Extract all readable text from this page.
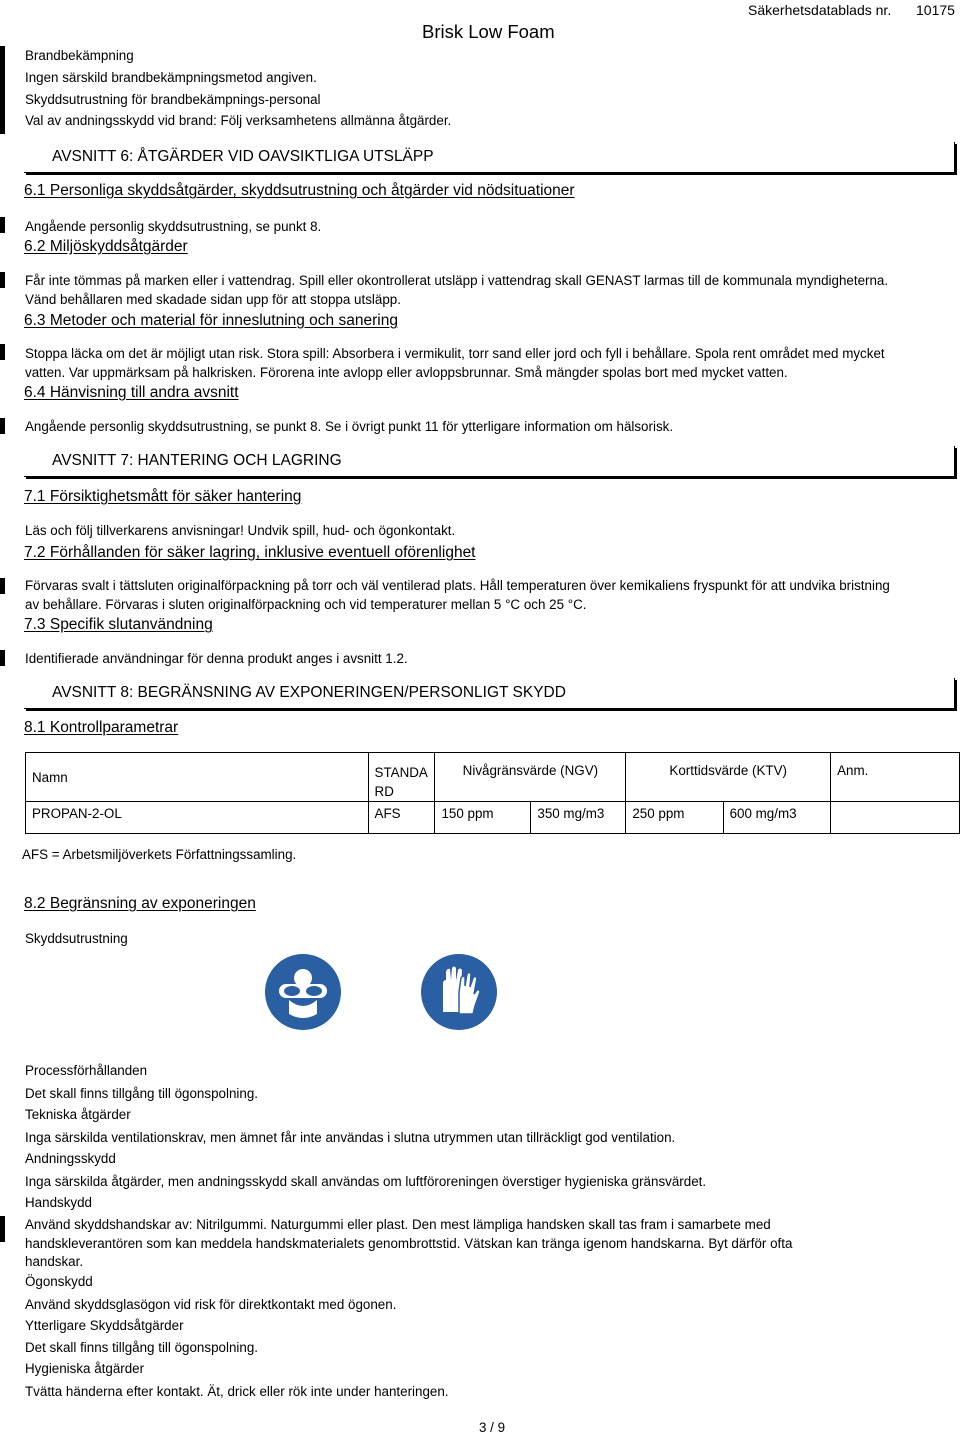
Brisk Low Foam
Säkerhetsdatablads nr. 10175
Brandbekämpning
Ingen särskild brandbekämpningsmetod angiven.
Skyddsutrustning för brandbekämpnings-personal
Val av andningsskydd vid brand: Följ verksamhetens allmänna åtgärder.
AVSNITT 6: ÅTGÄRDER VID OAVSIKTLIGA UTSLÄPP
6.1 Personliga skyddsåtgärder, skyddsutrustning och åtgärder vid nödsituationer
Angående personlig skyddsutrustning, se punkt 8.
6.2 Miljöskyddsåtgärder
Får inte tömmas på marken eller i vattendrag. Spill eller okontrollerat utsläpp i vattendrag skall GENAST larmas till de kommunala myndigheterna. Vänd behållaren med skadade sidan upp för att stoppa utsläpp.
6.3 Metoder och material för inneslutning och sanering
Stoppa läcka om det är möjligt utan risk. Stora spill: Absorbera i vermikulit, torr sand eller jord och fyll i behållare. Spola rent området med mycket vatten. Var uppmärksam på halkrisken. Förorena inte avlopp eller avloppsbrunnar. Små mängder spolas bort med mycket vatten.
6.4 Hänvisning till andra avsnitt
Angående personlig skyddsutrustning, se punkt 8. Se i övrigt punkt 11 för ytterligare information om hälsorisk.
AVSNITT 7: HANTERING OCH LAGRING
7.1 Försiktighetsmått för säker hantering
Läs och följ tillverkarens anvisningar! Undvik spill, hud- och ögonkontakt.
7.2 Förhållanden för säker lagring, inklusive eventuell oförenlighet
Förvaras svalt i tättsluten originalförpackning på torr och väl ventilerad plats. Håll temperaturen över kemikaliens fryspunkt för att undvika bristning av behållare. Förvaras i sluten originalförpackning och vid temperaturer mellan 5 °C och 25 °C.
7.3 Specifik slutanvändning
Identifierade användningar för denna produkt anges i avsnitt 1.2.
AVSNITT 8: BEGRÄNSNING AV EXPONERINGEN/PERSONLIGT SKYDD
8.1 Kontrollparametrar
Namn	STANDARD	Nivågränsvärde (NGV)		Korttidsvärde (KTV)		Anm.
PROPAN-2-OL	AFS	150 ppm	350 mg/m3	250 ppm	600 mg/m3	
AFS = Arbetsmiljöverkets Författningssamling.
8.2 Begränsning av exponeringen
Skyddsutrustning
Processförhållanden
Det skall finns tillgång till ögonspolning.
Tekniska åtgärder
Inga särskilda ventilationskrav, men ämnet får inte användas i slutna utrymmen utan tillräckligt god ventilation.
Andningsskydd
Inga särskilda åtgärder, men andningsskydd skall användas om luftföroreningen överstiger hygieniska gränsvärdet.
Handskydd
Använd skyddshandskar av: Nitrilgummi. Naturgummi eller plast. Den mest lämpliga handsken skall tas fram i samarbete med handskleverantören som kan meddela handskmaterialets genombrottstid. Vätskan kan tränga igenom handskarna. Byt därför ofta handskar.
Ögonskydd
Använd skyddsglasögon vid risk för direktkontakt med ögonen.
Ytterligare Skyddsåtgärder
Det skall finns tillgång till ögonspolning.
Hygieniska åtgärder
Tvätta händerna efter kontakt. Ät, drick eller rök inte under hanteringen.
3 / 9
